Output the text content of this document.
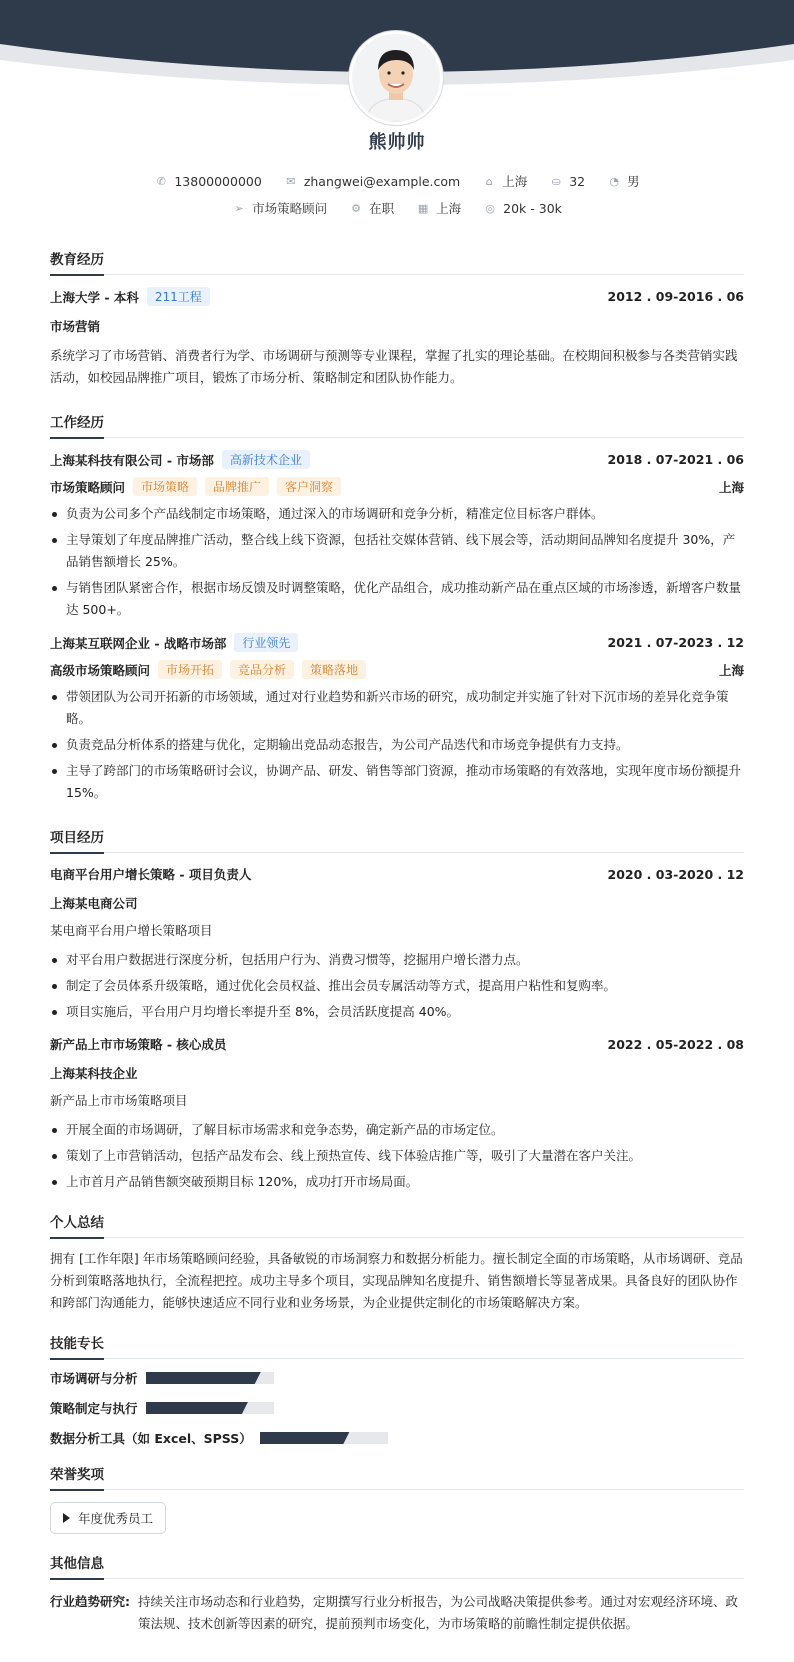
熊帅帅
✆ 13800000000 ✉ zhangwei@example.com	⌂ 上海 ⛀ 32 ◔ 男
➢ 市场策略顾问 ⚙ 在职 ▦ 上海 ◎ 20k - 30k
教育经历
上海大学 - 本科	211工程	2012 . 09-2016 . 06
市场营销
系统学习了市场营销、消费者行为学、市场调研与预测等专业课程，掌握了扎实的理论基础。在校期间积极参与各类营销实践活动，如校园品牌推广项目，锻炼了市场分析、策略制定和团队协作能力。
工作经历
上海某科技有限公司 - 市场部	高新技术企业	2018 . 07-2021 . 06
市场策略顾问	市场策略	品牌推广	客户洞察	上海
负责为公司多个产品线制定市场策略，通过深入的市场调研和竞争分析，精准定位目标客户群体。
主导策划了年度品牌推广活动，整合线上线下资源，包括社交媒体营销、线下展会等，活动期间品牌知名度提升 30%，产品销售额增长 25%。
与销售团队紧密合作，根据市场反馈及时调整策略，优化产品组合，成功推动新产品在重点区域的市场渗透，新增客户数量达 500+。
上海某互联网企业 - 战略市场部	行业领先	2021 . 07-2023 . 12
高级市场策略顾问	市场开拓	竞品分析	策略落地	上海
带领团队为公司开拓新的市场领域，通过对行业趋势和新兴市场的研究，成功制定并实施了针对下沉市场的差异化竞争策略。
负责竞品分析体系的搭建与优化，定期输出竞品动态报告，为公司产品迭代和市场竞争提供有力支持。
主导了跨部门的市场策略研讨会议，协调产品、研发、销售等部门资源，推动市场策略的有效落地，实现年度市场份额提升 15%。
项目经历
电商平台用户增长策略 - 项目负责人	2020 . 03-2020 . 12
上海某电商公司
某电商平台用户增长策略项目
对平台用户数据进行深度分析，包括用户行为、消费习惯等，挖掘用户增长潜力点。
制定了会员体系升级策略，通过优化会员权益、推出会员专属活动等方式，提高用户粘性和复购率。
项目实施后，平台用户月均增长率提升至 8%，会员活跃度提高 40%。
新产品上市市场策略 - 核心成员	2022 . 05-2022 . 08
上海某科技企业
新产品上市市场策略项目
开展全面的市场调研，了解目标市场需求和竞争态势，确定新产品的市场定位。
策划了上市营销活动，包括产品发布会、线上预热宣传、线下体验店推广等，吸引了大量潜在客户关注。
上市首月产品销售额突破预期目标 120%，成功打开市场局面。
个人总结
拥有 [工作年限] 年市场策略顾问经验，具备敏锐的市场洞察力和数据分析能力。擅长制定全面的市场策略，从市场调研、竞品分析到策略落地执行，全流程把控。成功主导多个项目，实现品牌知名度提升、销售额增长等显著成果。具备良好的团队协作和跨部门沟通能力，能够快速适应不同行业和业务场景，为企业提供定制化的市场策略解决方案。
技能专长
市场调研与分析
策略制定与执行
数据分析工具（如 Excel、SPSS）
荣誉奖项
年度优秀员工
其他信息
行业趋势研究: 持续关注市场动态和行业趋势，定期撰写行业分析报告，为公司战略决策提供参考。通过对宏观经济环境、政策法规、技术创新等因素的研究，提前预判市场变化，为市场策略的前瞻性制定提供依据。
